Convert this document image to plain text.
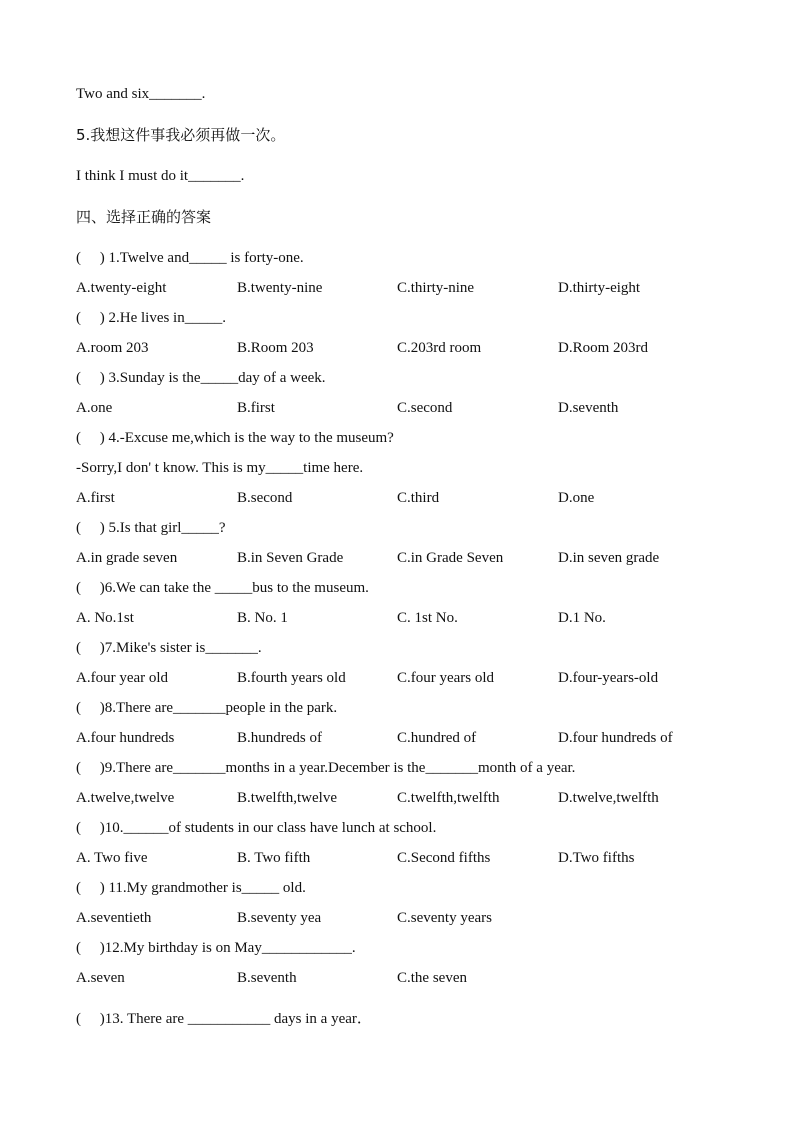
Two and six_______.
5.我想这件事我必须再做一次。
I think I must do it_______.
四、选择正确的答案
(     ) 1.Twelve and_____ is forty-one.
A.twenty-eight	B.twenty-nine	C.thirty-nine	D.thirty-eight
(     ) 2.He lives in_____.
A.room 203	B.Room 203	C.203rd room	D.Room 203rd
(     ) 3.Sunday is the_____day of a week.
A.one	B.first	C.second	D.seventh
(     ) 4.-Excuse me,which is the way to the museum?
-Sorry,I don' t know. This is my_____time here.
A.first	B.second	C.third	D.one
(     ) 5.Is that girl_____?
A.in grade seven	B.in Seven Grade	C.in Grade Seven	D.in seven grade
(     )6.We can take the _____bus to the museum.
A. No.1st	B. No. 1	C. 1st No.	D.1 No.
(     )7.Mike's sister is_______.
A.four year old	B.fourth years old	C.four years old	D.four-years-old
(     )8.There are_______people in the park.
A.four hundreds	B.hundreds of	C.hundred of	D.four hundreds of
(     )9.There are_______months in a year.December is the_______month of a year.
A.twelve,twelve	B.twelfth,twelve	C.twelfth,twelfth	D.twelve,twelfth
(     )10.______of students in our class have lunch at school.
A. Two five	B. Two fifth	C.Second fifths	D.Two fifths
(     ) 11.My grandmother is_____ old.
A.seventieth	B.seventy yea	C.seventy years
(     )12.My birthday is on May____________.
A.seven	B.seventh	C.the seven
(     )13. There are ___________ days in a year．
